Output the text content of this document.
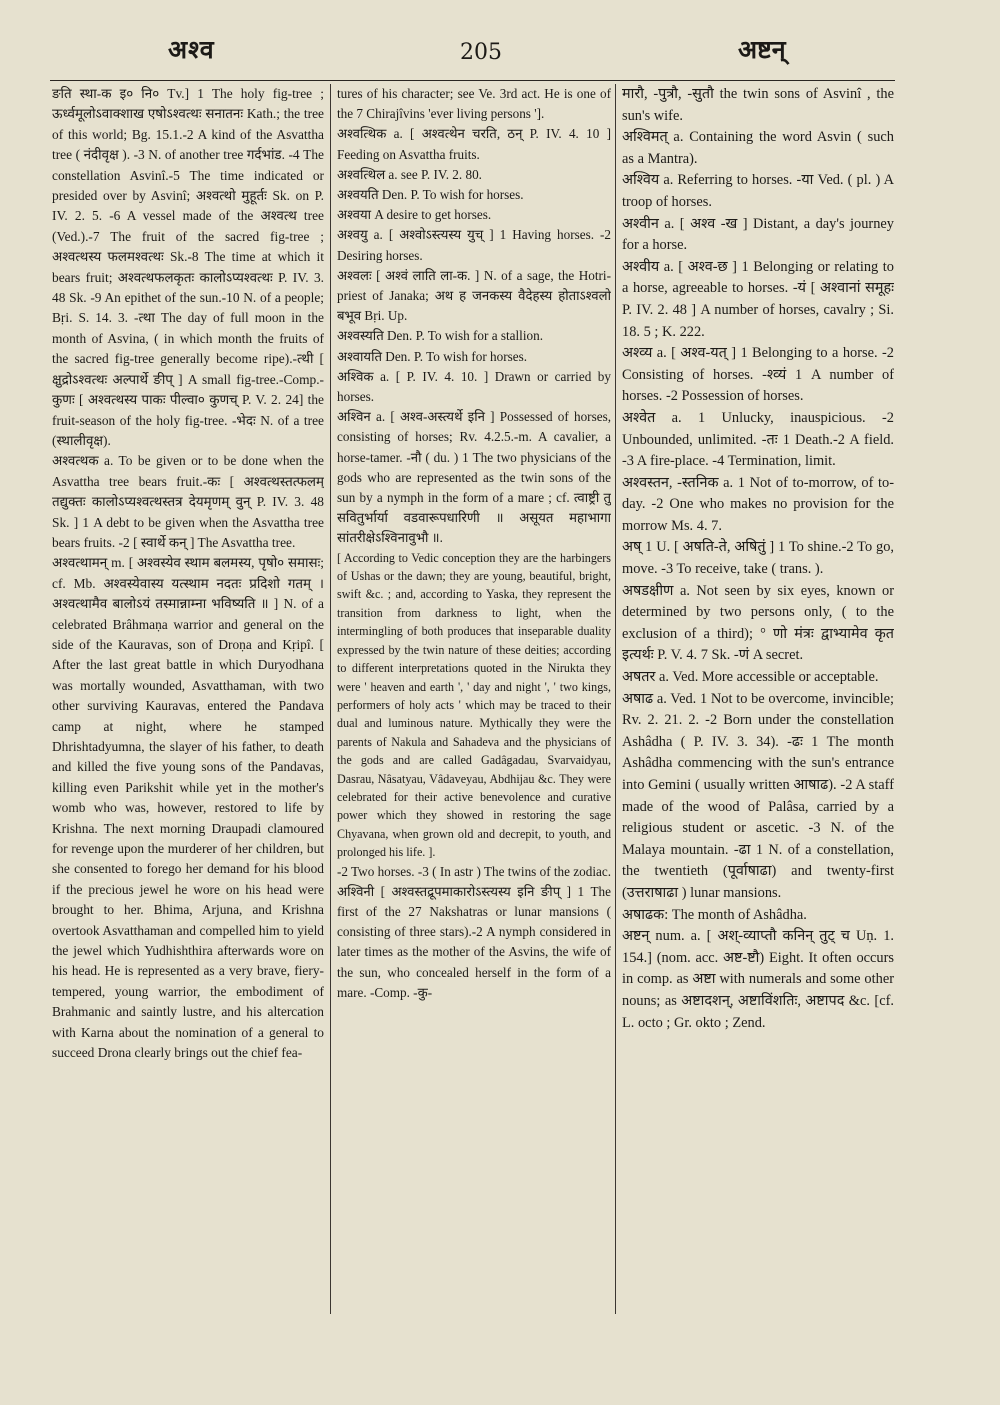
अश्व	205	अष्टन्

ङति स्था-क इ० नि० Tv.] 1 The holy fig-tree ; ऊर्ध्वमूलोऽवाक्शाख एषोऽश्वत्थः सनातनः Kath.; the tree of this world; Bg. 15.1.-2 A kind of the Asvattha tree ( नंदीवृक्ष ). -3 N. of another tree गर्दभांड. -4 The constellation Asvinî.-5 The time indicated or presided over by Asvinî; अश्वत्थो मुहूर्तः Sk. on P. IV. 2. 5. -6 A vessel made of the अश्वत्थ tree (Ved.).-7 The fruit of the sacred fig-tree ; अश्वत्थस्य फलमश्वत्थः Sk.-8 The time at which it bears fruit; अश्वत्थफलकृतः कालोऽप्यश्वत्थः P. IV. 3. 48 Sk. -9 An epithet of the sun.-10 N. of a people; Bṛi. S. 14. 3. -त्था The day of full moon in the month of Asvina, ( in which month the fruits of the sacred fig-tree generally become ripe).-त्थी [ क्षुद्रोऽश्वत्थः अल्पार्थे ङीप् ] A small fig-tree.-Comp.-कुणः [ अश्वत्थस्य पाकः पील्वा० कुणच् P. V. 2. 24] the fruit-season of the holy fig-tree. -भेदः N. of a tree (स्थालीवृक्ष).

अश्वत्थक a. To be given or to be done when the Asvattha tree bears fruit.-कः [ अश्वत्थस्तत्फलम् तद्युक्तः कालोऽप्यश्वत्थस्तत्र देयमृणम् वुन् P. IV. 3. 48 Sk. ] 1 A debt to be given when the Asvattha tree bears fruits. -2 [ स्वार्थे कन् ] The Asvattha tree.

अश्वत्थामन् m. [ अश्वस्येव स्थाम बलमस्य, पृषो० समासः; cf. Mb. अश्वस्येवास्य यत्स्थाम नदतः प्रदिशो गतम् । अश्वत्थामैव बालोऽयं तस्मान्नाम्ना भविष्यति ॥ ] N. of a celebrated Brâhmaṇa warrior and general on the side of the Kauravas, son of Droṇa and Kṛipî. [ After the last great battle in which Duryodhana was mortally wounded, Asvatthaman, with two other surviving Kauravas, entered the Pandava camp at night, where he stamped Dhrishtadyumna, the slayer of his father, to death and killed the five young sons of the Pandavas, killing even Parikshit while yet in the mother's womb who was, however, restored to life by Krishna. The next morning Draupadi clamoured for revenge upon the murderer of her children, but she consented to forego her demand for his blood if the precious jewel he wore on his head were brought to her. Bhima, Arjuna, and Krishna overtook Asvatthaman and compelled him to yield the jewel which Yudhishthira afterwards wore on his head. He is represented as a very brave, fiery-tempered, young warrior, the embodiment of Brahmanic and saintly lustre, and his altercation with Karna about the nomination of a general to succeed Drona clearly brings out the chief fea-

tures of his character; see Ve. 3rd act. He is one of the 7 Chirajîvins 'ever living persons '].

अश्वत्थिक a. [ अश्वत्थेन चरति, ठन् P. IV. 4. 10 ] Feeding on Asvattha fruits.

अश्वत्थिल a. see P. IV. 2. 80.

अश्वयति Den. P. To wish for horses.

अश्वया A desire to get horses.

अश्वयु a. [ अश्वोऽस्त्यस्य युच् ] 1 Having horses. -2 Desiring horses.

अश्वलः [ अश्वं लाति ला-क. ] N. of a sage, the Hotri-priest of Janaka; अथ ह जनकस्य वैदेहस्य होताऽश्वलो बभूव Bṛi. Up.

अश्वस्यति Den. P. To wish for a stallion.

अश्वायति Den. P. To wish for horses.

अश्विक a. [ P. IV. 4. 10. ] Drawn or carried by horses.

अश्विन a. [ अश्व-अस्त्यर्थे इनि ] Possessed of horses, consisting of horses; Rv. 4.2.5.-m. A cavalier, a horse-tamer. -नौ ( du. ) 1 The two physicians of the gods who are represented as the twin sons of the sun by a nymph in the form of a mare ; cf. त्वाष्ट्री तु सवितुर्भार्या वडवारूपधारिणी ॥ असूयत महाभागा सांतरीक्षेऽश्विनावुभौ ॥.

[ According to Vedic conception they are the harbingers of Ushas or the dawn; they are young, beautiful, bright, swift &c. ; and, according to Yaska, they represent the transition from darkness to light, when the intermingling of both produces that inseparable duality expressed by the twin nature of these deities; according to different interpretations quoted in the Nirukta they were ' heaven and earth ', ' day and night ', ' two kings, performers of holy acts ' which may be traced to their dual and luminous nature. Mythically they were the parents of Nakula and Sahadeva and the physicians of the gods and are called Gadâgadau, Svarvaidyau, Dasrau, Nâsatyau, Vâdaveyau, Abdhijau &c. They were celebrated for their active benevolence and curative power which they showed in restoring the sage Chyavana, when grown old and decrepit, to youth, and prolonged his life. ].

-2 Two horses. -3 ( In astr ) The twins of the zodiac.

अश्विनी [ अश्वस्तद्रूपमाकारोऽस्त्यस्य इनि ङीप् ] 1 The first of the 27 Nakshatras or lunar mansions ( consisting of three stars).-2 A nymph considered in later times as the mother of the Asvins, the wife of the sun, who concealed herself in the form of a mare. -Comp. -कु-

मारौ, -पुत्रौ, -सुतौ the twin sons of Asvinî , the sun's wife.

अश्विमत् a. Containing the word Asvin ( such as a Mantra).

अश्विय a. Referring to horses. -या Ved. ( pl. ) A troop of horses.

अश्वीन a. [ अश्व -ख ] Distant, a day's journey for a horse.

अश्वीय a. [ अश्व-छ ] 1 Belonging or relating to a horse, agreeable to horses. -यं [ अश्वानां समूहः P. IV. 2. 48 ] A number of horses, cavalry ; Si. 18. 5 ; K. 222.

अश्व्य a. [ अश्व-यत् ] 1 Belonging to a horse. -2 Consisting of horses. -श्व्यं 1 A number of horses. -2 Possession of horses.

अश्वेत a. 1 Unlucky, inauspicious. -2 Unbounded, unlimited. -तः 1 Death.-2 A field. -3 A fire-place. -4 Termination, limit.

अश्वस्तन, -स्तनिक a. 1 Not of to-morrow, of to-day. -2 One who makes no provision for the morrow Ms. 4. 7.

अष् 1 U. [ अषति-ते, अषितुं ] 1 To shine.-2 To go, move. -3 To receive, take ( trans. ).

अषडक्षीण a. Not seen by six eyes, known or determined by two persons only, ( to the exclusion of a third); ° णो मंत्रः द्वाभ्यामेव कृत इत्यर्थः P. V. 4. 7 Sk. -णं A secret.

अषतर a. Ved. More accessible or acceptable.

अषाढ a. Ved. 1 Not to be overcome, invincible; Rv. 2. 21. 2. -2 Born under the constellation Ashâdha ( P. IV. 3. 34). -ढः 1 The month Ashâdha commencing with the sun's entrance into Gemini ( usually written आषाढ). -2 A staff made of the wood of Palâsa, carried by a religious student or ascetic. -3 N. of the Malaya mountain. -ढा 1 N. of a constellation, the twentieth (पूर्वाषाढा) and twenty-first (उत्तराषाढा ) lunar mansions.

अषाढक: The month of Ashâdha.

अष्टन् num. a. [ अश्-व्याप्तौ कनिन् तुट् च Uṇ. 1. 154.] (nom. acc. अष्ट-ष्टौ) Eight. It often occurs in comp. as अष्टा with numerals and some other nouns; as अष्टादशन्, अष्टाविंशतिः, अष्टापद &c. [cf. L. octo ; Gr. okto ; Zend.
